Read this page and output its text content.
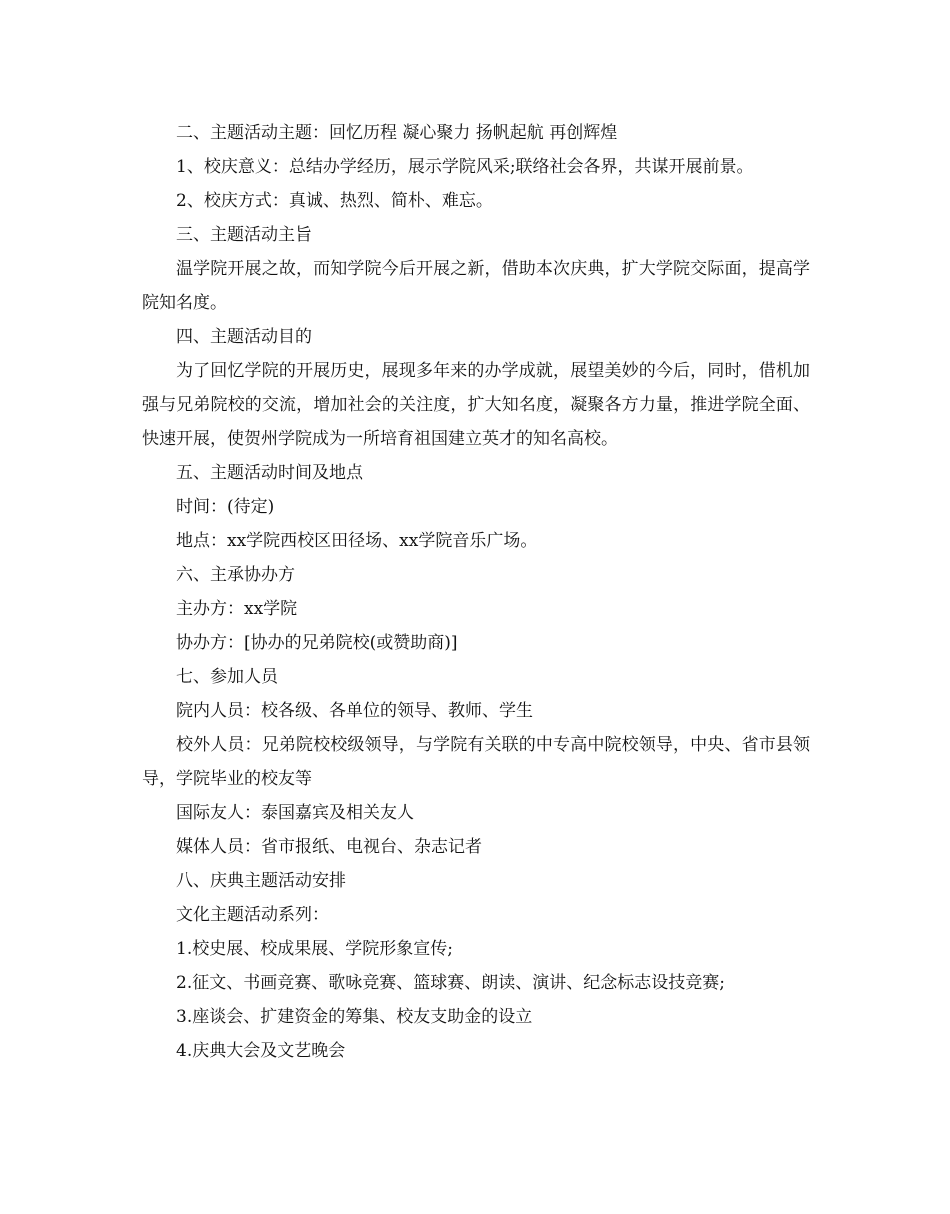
二、主题活动主题：回忆历程 凝心聚力 扬帆起航 再创辉煌

1、校庆意义：总结办学经历，展示学院风采;联络社会各界，共谋开展前景。

2、校庆方式：真诚、热烈、简朴、难忘。

三、主题活动主旨

温学院开展之故，而知学院今后开展之新，借助本次庆典，扩大学院交际面，提高学院知名度。

四、主题活动目的

为了回忆学院的开展历史，展现多年来的办学成就，展望美妙的今后，同时，借机加强与兄弟院校的交流，增加社会的关注度，扩大知名度，凝聚各方力量，推进学院全面、快速开展，使贺州学院成为一所培育祖国建立英才的知名高校。

五、主题活动时间及地点

时间：(待定)

地点：xx学院西校区田径场、xx学院音乐广场。

六、主承协办方

主办方：xx学院

协办方：[协办的兄弟院校(或赞助商)]

七、参加人员

院内人员：校各级、各单位的领导、教师、学生

校外人员：兄弟院校校级领导，与学院有关联的中专高中院校领导，中央、省市县领导，学院毕业的校友等

国际友人：泰国嘉宾及相关友人

媒体人员：省市报纸、电视台、杂志记者

八、庆典主题活动安排

文化主题活动系列：

1.校史展、校成果展、学院形象宣传;

2.征文、书画竞赛、歌咏竞赛、篮球赛、朗读、演讲、纪念标志设技竞赛;

3.座谈会、扩建资金的筹集、校友支助金的设立

4.庆典大会及文艺晚会
